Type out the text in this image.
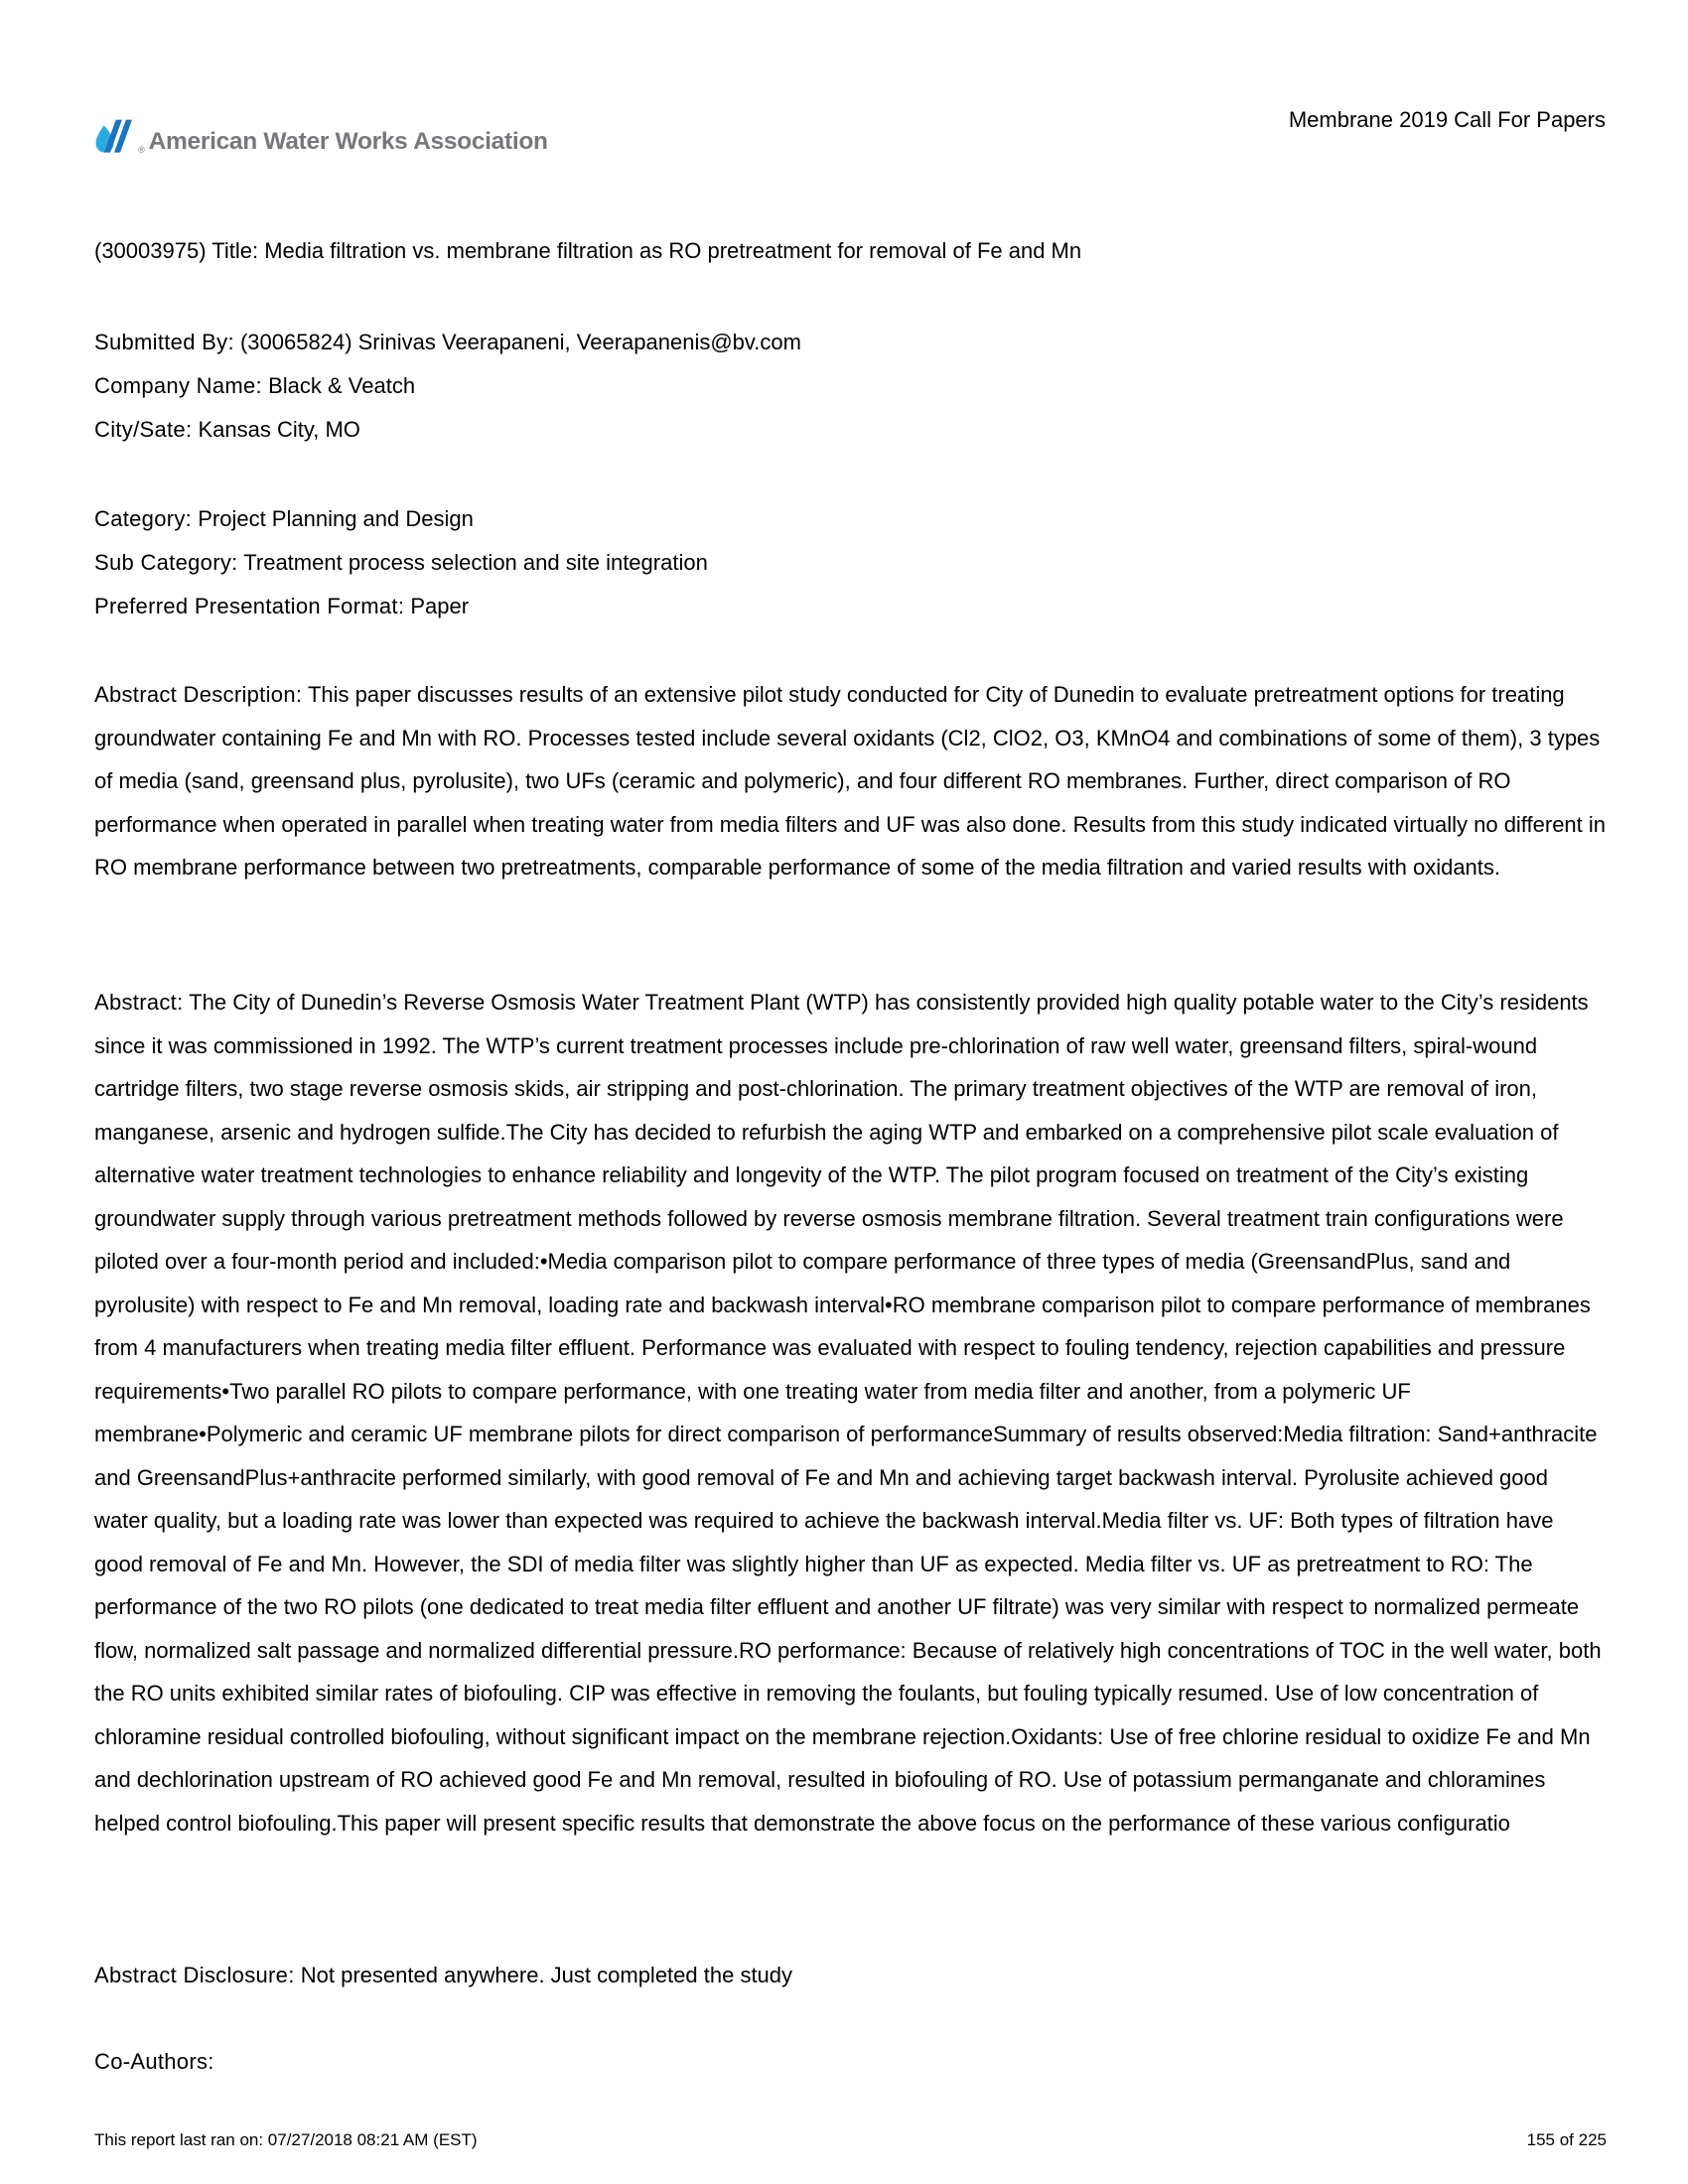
® American Water Works Association
Membrane 2019 Call For Papers
(30003975) Title: Media filtration vs. membrane filtration as RO pretreatment for removal of Fe and Mn
Submitted By: (30065824) Srinivas Veerapaneni, Veerapanenis@bv.com
Company Name: Black & Veatch
City/Sate: Kansas City, MO
Category: Project Planning and Design
Sub Category: Treatment process selection and site integration
Preferred Presentation Format: Paper
Abstract Description: This paper discusses results of an extensive pilot study conducted for City of Dunedin to evaluate pretreatment options for treating groundwater containing Fe and Mn with RO. Processes tested include several oxidants (Cl2, ClO2, O3, KMnO4 and combinations of some of them), 3 types of media (sand, greensand plus, pyrolusite), two UFs (ceramic and polymeric), and four different RO membranes. Further, direct comparison of RO performance when operated in parallel when treating water from media filters and UF was also done. Results from this study indicated virtually no different in RO membrane performance between two pretreatments, comparable performance of some of the media filtration and varied results with oxidants.
Abstract: The City of Dunedin’s Reverse Osmosis Water Treatment Plant (WTP) has consistently provided high quality potable water to the City’s residents since it was commissioned in 1992. The WTP’s current treatment processes include pre-chlorination of raw well water, greensand filters, spiral-wound cartridge filters, two stage reverse osmosis skids, air stripping and post-chlorination. The primary treatment objectives of the WTP are removal of iron, manganese, arsenic and hydrogen sulfide.The City has decided to refurbish the aging WTP and embarked on a comprehensive pilot scale evaluation of alternative water treatment technologies to enhance reliability and longevity of the WTP. The pilot program focused on treatment of the City’s existing groundwater supply through various pretreatment methods followed by reverse osmosis membrane filtration. Several treatment train configurations were piloted over a four-month period and included:•Media comparison pilot to compare performance of three types of media (GreensandPlus, sand and pyrolusite) with respect to Fe and Mn removal, loading rate and backwash interval•RO membrane comparison pilot to compare performance of membranes from 4 manufacturers when treating media filter effluent. Performance was evaluated with respect to fouling tendency, rejection capabilities and pressure requirements•Two parallel RO pilots to compare performance, with one treating water from media filter and another, from a polymeric UF membrane•Polymeric and ceramic UF membrane pilots for direct comparison of performanceSummary of results observed:Media filtration: Sand+anthracite and GreensandPlus+anthracite performed similarly, with good removal of Fe and Mn and achieving target backwash interval. Pyrolusite achieved good water quality, but a loading rate was lower than expected was required to achieve the backwash interval.Media filter vs. UF: Both types of filtration have good removal of Fe and Mn. However, the SDI of media filter was slightly higher than UF as expected. Media filter vs. UF as pretreatment to RO: The performance of the two RO pilots (one dedicated to treat media filter effluent and another UF filtrate) was very similar with respect to normalized permeate flow, normalized salt passage and normalized differential pressure.RO performance: Because of relatively high concentrations of TOC in the well water, both the RO units exhibited similar rates of biofouling. CIP was effective in removing the foulants, but fouling typically resumed. Use of low concentration of chloramine residual controlled biofouling, without significant impact on the membrane rejection.Oxidants: Use of free chlorine residual to oxidize Fe and Mn and dechlorination upstream of RO achieved good Fe and Mn removal, resulted in biofouling of RO. Use of potassium permanganate and chloramines helped control biofouling.This paper will present specific results that demonstrate the above focus on the performance of these various configuratio
Abstract Disclosure: Not presented anywhere. Just completed the study
Co-Authors:
This report last ran on: 07/27/2018 08:21 AM (EST)	155 of 225
